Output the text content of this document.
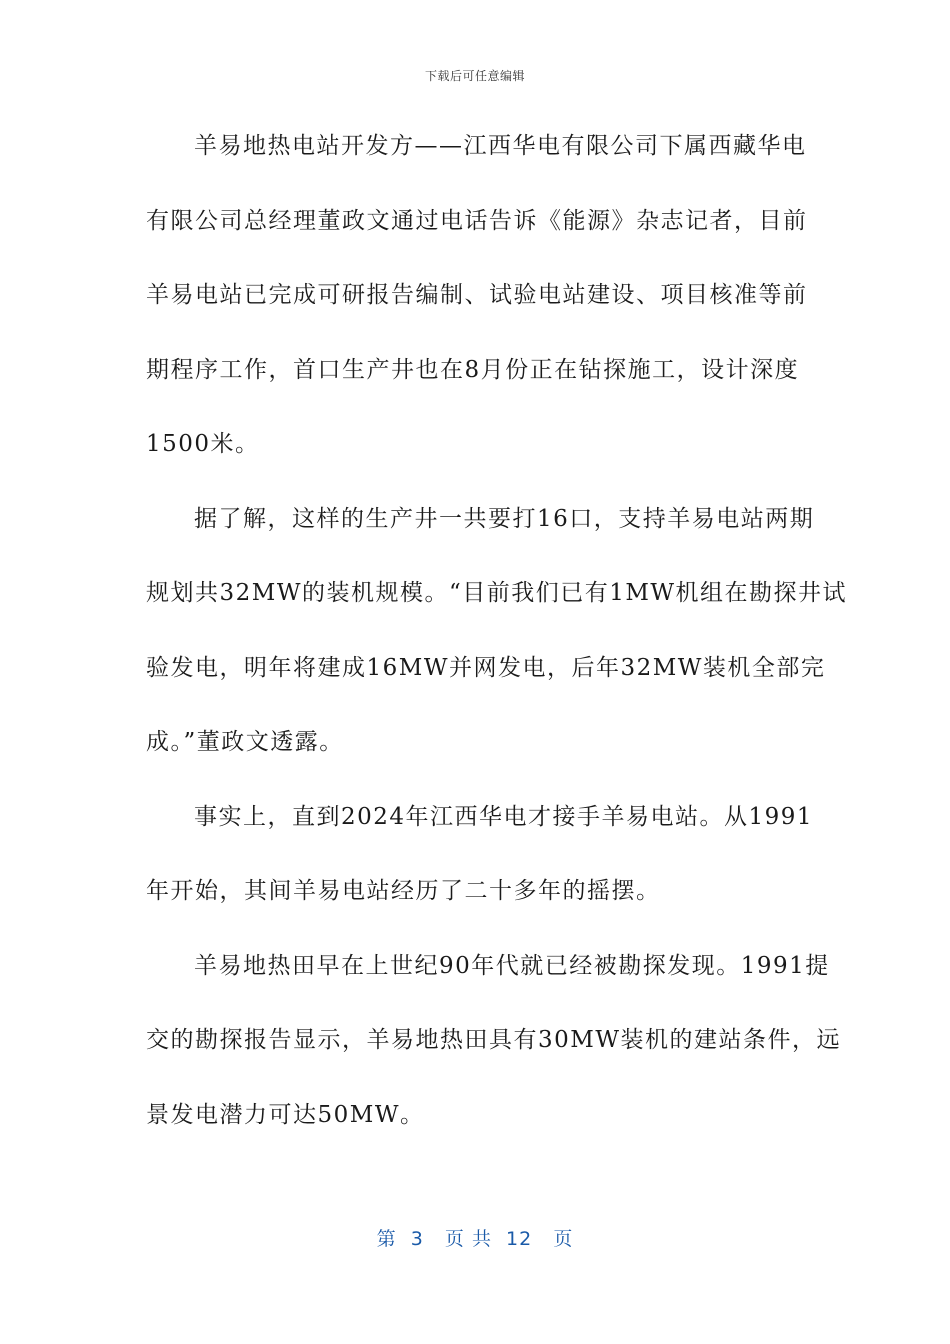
下载后可任意编辑
羊易地热电站开发方——江西华电有限公司下属西藏华电
有限公司总经理董政文通过电话告诉《能源》杂志记者，目前
羊易电站已完成可研报告编制、试验电站建设、项目核准等前
期程序工作，首口生产井也在8月份正在钻探施工，设计深度
1500米。
据了解，这样的生产井一共要打16口，支持羊易电站两期
规划共32MW的装机规模。“目前我们已有1MW机组在勘探井试
验发电，明年将建成16MW并网发电，后年32MW装机全部完
成。”董政文透露。
事实上，直到2024年江西华电才接手羊易电站。从1991
年开始，其间羊易电站经历了二十多年的摇摆。
羊易地热田早在上世纪90年代就已经被勘探发现。1991提
交的勘探报告显示，羊易地热田具有30MW装机的建站条件，远
景发电潜力可达50MW。
第  3   页 共  12   页
